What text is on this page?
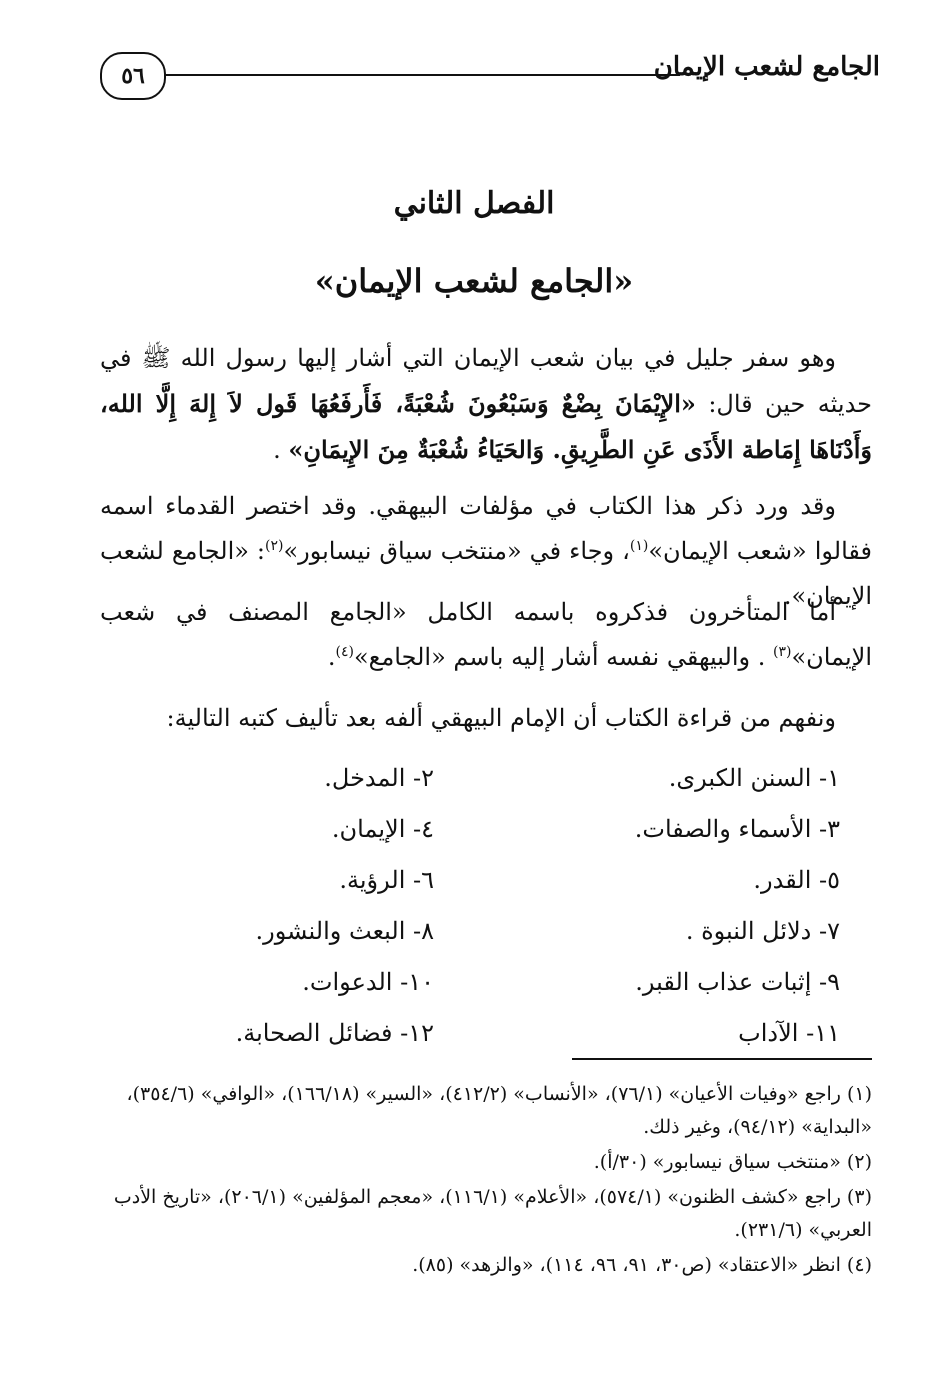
الجامع لشعب الإيمان
٥٦
الفصل الثاني
«الجامع لشعب الإيمان»
وهو سفر جليل في بيان شعب الإيمان التي أشار إليها رسول الله ﷺ في حديثه حين قال: «الإِيْمَانَ بِضْعٌ وَسَبْعُونَ شُعْبَةً، فَأَرفَعُهَا قَول لاَ إِلهَ إِلَّا الله، وَأَدْنَاهَا إِمَاطة الأَذَى عَنِ الطَّرِيقِ. وَالحَيَاءُ شُعْبَةٌ مِنَ الإِيمَانِ» .
وقد ورد ذكر هذا الكتاب في مؤلفات البيهقي. وقد اختصر القدماء اسمه فقالوا «شعب الإيمان»$^{(١)}$، وجاء في «منتخب سياق نيسابور»$^{(٢)}$: «الجامع لشعب الإيمان».
أما المتأخرون فذكروه باسمه الكامل «الجامع المصنف في شعب الإيمان»$^{(٣)}$ . والبيهقي نفسه أشار إليه باسم «الجامع»$^{(٤)}$.
ونفهم من قراءة الكتاب أن الإمام البيهقي ألفه بعد تأليف كتبه التالية:
١- السنن الكبرى.
٢- المدخل.
٣- الأسماء والصفات.
٤- الإيمان.
٥- القدر.
٦- الرؤية.
٧- دلائل النبوة .
٨- البعث والنشور.
٩- إثبات عذاب القبر.
١٠- الدعوات.
١١- الآداب
١٢- فضائل الصحابة.

(١) راجع «وفيات الأعيان» (٧٦/١)، «الأنساب» (٤١٢/٢)، «السير» (١٦٦/١٨)، «الوافي» (٣٥٤/٦)، «البداية» (٩٤/١٢)، وغير ذلك.

(٢) «منتخب سياق نيسابور» (٣٠/أ).

(٣) راجع «كشف الظنون» (٥٧٤/١)، «الأعلام» (١١٦/١)، «معجم المؤلفين» (٢٠٦/١)، «تاريخ الأدب العربي» (٢٣١/٦).

(٤) انظر «الاعتقاد» (ص٣٠، ٩١، ٩٦، ١١٤)، «والزهد» (٨٥).
